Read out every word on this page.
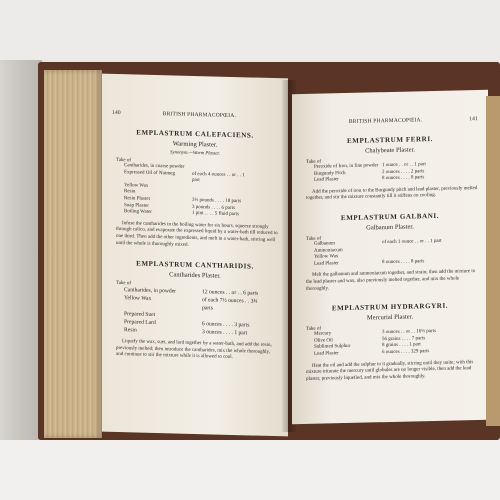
140	BRITISH PHARMACOPŒIA.
EMPLASTRUM CALEFACIENS.
Warming Plaster.
Synonym.—Warm Plaster.
Take of
Cantharides, in coarse powder
Expressed Oil of Nutmeg	of each 4 ounces . . or . . 1 part
Yellow Wax
Resin
Resin Plaster	3½ pounds . . . . 18 parts
Soap Plaster	3 pounds . . . . 6 parts
Boiling Water	1 pint . . . . 5 fluid parts
Infuse the cantharides in the boiling water for six hours, squeeze strongly through calico, and evaporate the expressed liquid by a water-bath till reduced to one third. Then add the other ingredients, and melt in a water-bath, stirring well until the whole is thoroughly mixed.
EMPLASTRUM CANTHARIDIS.
Cantharides Plaster.
Take of
Cantharides, in powder	12 ounces . . or . . 6 parts
Yellow Wax	of each 7½ ounces . . 3¾ parts
Prepared Suet
Prepared Lard	6 ounces . . . . 3 parts
Resin	3 ounces . . . . 1 part
Liquefy the wax, suet, and lard together by a water-bath, and add the resin, previously melted; then introduce the cantharides, mix the whole thoroughly, and continue to stir the mixture while it is allowed to cool.
BRITISH PHARMACOPŒIA.	141
EMPLASTRUM FERRI.
Chalybeate Plaster.
Take of
Peroxide of Iron, in fine powder 1 ounce . . or . . 1 part
Burgundy Pitch	2 ounces . . . . 2 parts
Lead Plaster	8 ounces . . . . 8 parts
Add the peroxide of iron to the Burgundy pitch and lead plaster, previously melted together, and stir the mixture constantly till it stiffens on cooling.
EMPLASTRUM GALBANI.
Galbanum Plaster.
Take of
Galbanum	of each 1 ounce . . or . . 1 part
Ammoniacum
Yellow Wax
Lead Plaster	8 ounces . . . . 8 parts
Melt the galbanum and ammoniacum together, and strain; then add the mixture to the lead plaster and wax, also previously melted together, and mix the whole thoroughly.
EMPLASTRUM HYDRARGYRI.
Mercurial Plaster.
Take of
Mercury	3 ounces . . or . . 16½ parts
Olive Oil	56 grains . . . . 7 parts
Sublimed Sulphur	8 grains . . . . 1 part
Lead Plaster	6 ounces . . . . 329 parts
Heat the oil and add the sulphur to it gradually, stirring until they unite; with this mixture triturate the mercury until globules are no longer visible, then add the lead plaster, previously liquefied, and mix the whole thoroughly.
